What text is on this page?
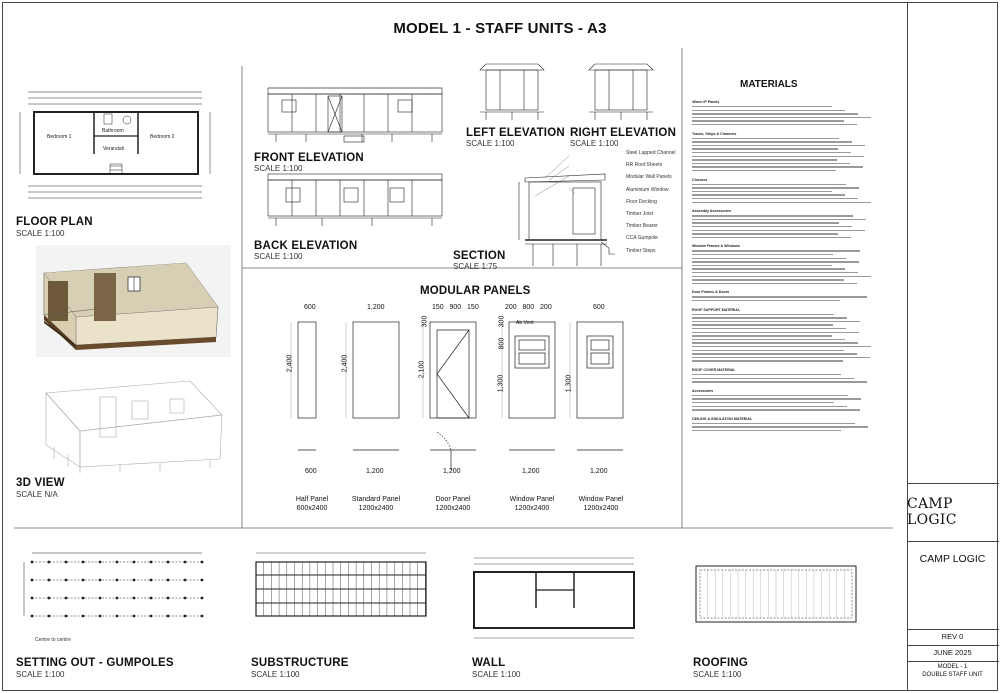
MODEL 1 - STAFF UNITS - A3
Bedroom 1
Bathroom
Bedroom 2
Verandah
FLOOR PLAN
SCALE 1:100
3D VIEW
SCALE N/A
FRONT ELEVATION
SCALE 1:100
BACK ELEVATION
SCALE 1:100
LEFT ELEVATION
SCALE 1:100
RIGHT ELEVATION
SCALE 1:100
Steel Lapped Channel
RR Roof Sheets
Modular Wall Panels
Aluminium Window
Floor Decking
Timber Joist
Timber Bearer
CCA Gumpole
Timber Steps
SECTION
SCALE 1:75
MODULAR PANELS
600	1,200	150   900   150	200   800   200	600
Ab Vent
2,400	2,400	2,100
1,300	1,300
300	300
800
600	1,200	1,200	1,200	1,200
Half Panel
600x2400
Standard Panel
1200x2400
Door Panel
1200x2400
Window Panel
1200x2400
Window Panel
1200x2400
MATERIALS
40mm IP Panels
Tracks, Strips & Channels
Closures
Assembly Accessories
Window Frames & Windows
Door Frames & Doors
ROOF SUPPORT MATERIAL
ROOF COVER MATERIAL
Accessories
CEILING & INSULATION MATERIAL
Centre to centre
SETTING OUT - GUMPOLES
SCALE 1:100
SUBSTRUCTURE
SCALE 1:100
WALL
SCALE 1:100
ROOFING
SCALE 1:100
CAMP LOGIC
CAMP LOGIC
REV 0
JUNE 2025
MODEL - 1
DOUBLE STAFF UNIT
